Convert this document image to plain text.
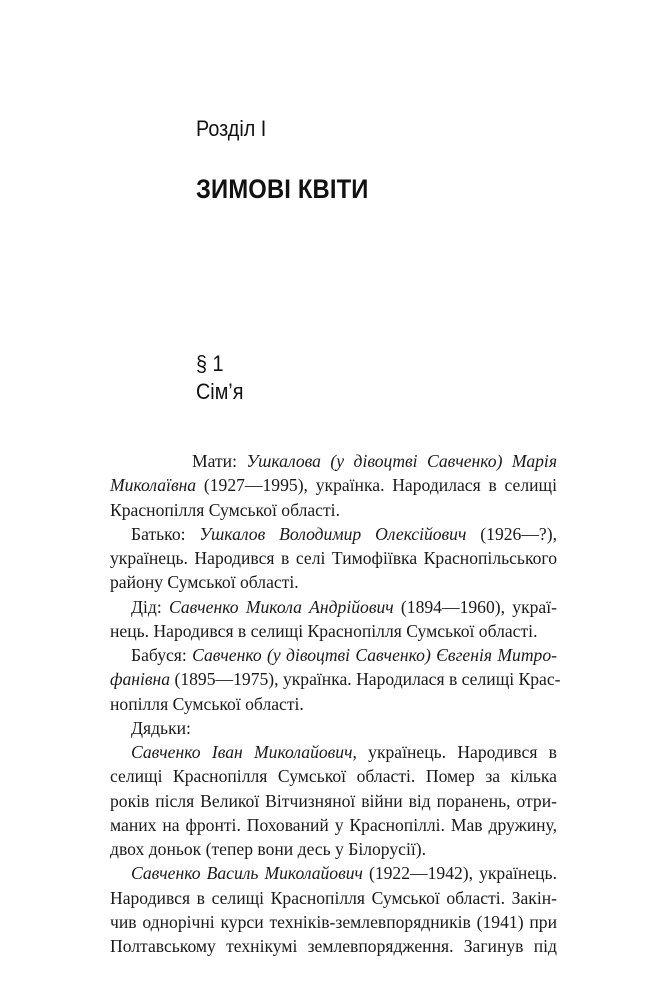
Розділ І
ЗИМОВІ КВІТИ
§ 1
Сім’я
Мати: Ушкалова (у дівоцтві Савченко) Марія
Миколаївна (1927—1995), українка. Народилася в селищі
Краснопілля Сумської області.
Батько: Ушкалов Володимир Олексійович (1926—?),
українець. Народився в селі Тимофіївка Краснопільського
району Сумської області.
Дід: Савченко Микола Андрійович (1894—1960), украï-
нець. Народився в селищі Краснопілля Сумської області.
Бабуся: Савченко (у дівоцтві Савченко) Євгенія Митро-
фанівна (1895—1975), українка. Народилася в селищі Крас-
нопілля Сумської області.
Дядьки:
Савченко Іван Миколайович, українець. Народився в
селищі Краснопілля Сумської області. Помер за кілька
років після Великої Вітчизняної війни від поранень, отри-
маних на фронті. Похований у Краснопіллі. Мав дружину,
двох доньок (тепер вони десь у Білорусії).
Савченко Василь Миколайович (1922—1942), українець.
Народився в селищі Краснопілля Сумської області. Закін-
чив однорічні курси техніків-землевпорядників (1941) при
Полтавському технікумі землевпорядження. Загинув під
